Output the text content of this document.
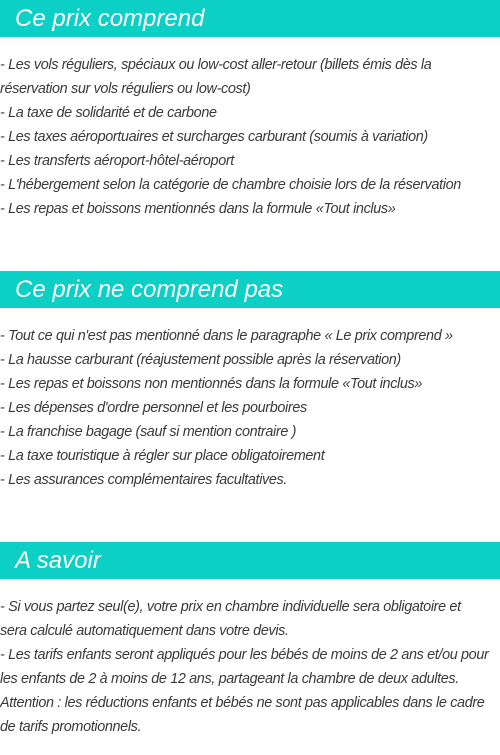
Ce prix comprend
- Les vols réguliers, spéciaux ou low-cost aller-retour (billets émis dès la
réservation sur vols réguliers ou low-cost)
- La taxe de solidarité et de carbone
- Les taxes aéroportuaires et surcharges carburant (soumis à variation)
- Les transferts aéroport-hôtel-aéroport
- L'hébergement selon la catégorie de chambre choisie lors de la réservation
- Les repas et boissons mentionnés dans la formule «Tout inclus»
Ce prix ne comprend pas
- Tout ce qui n'est pas mentionné dans le paragraphe « Le prix comprend »
- La hausse carburant (réajustement possible après la réservation)
- Les repas et boissons non mentionnés dans la formule «Tout inclus»
- Les dépenses d'ordre personnel et les pourboires
- La franchise bagage (sauf si mention contraire )
- La taxe touristique à régler sur place obligatoirement
- Les assurances complémentaires facultatives.
A savoir
- Si vous partez seul(e), votre prix en chambre individuelle sera obligatoire et
sera calculé automatiquement dans votre devis.
- Les tarifs enfants seront appliqués pour les bébés de moins de 2 ans et/ou pour
les enfants de 2 à moins de 12 ans, partageant la chambre de deux adultes.
Attention : les réductions enfants et bébés ne sont pas applicables dans le cadre
de tarifs promotionnels.
